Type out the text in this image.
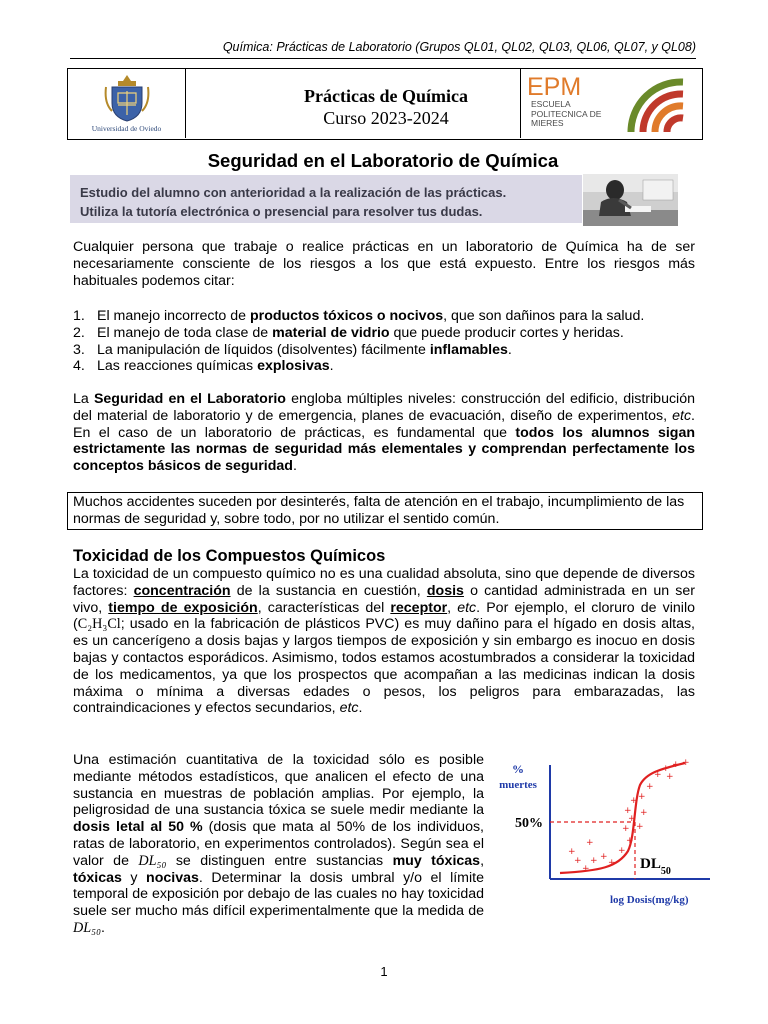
Química: Prácticas de Laboratorio (Grupos QL01, QL02, QL03, QL06, QL07, y QL08)
Universidad de Oviedo
Prácticas de Química
Curso 2023-2024
EPM
ESCUELA
POLITECNICA DE
MIERES
Seguridad en el Laboratorio de Química
Estudio del alumno con anterioridad a la realización de las prácticas.
Utiliza la tutoría electrónica o presencial para resolver tus dudas.
Cualquier persona que trabaje o realice prácticas en un laboratorio de Química ha de ser necesariamente consciente de los riesgos a los que está expuesto. Entre los riesgos más habituales podemos citar:
1. El manejo incorrecto de productos tóxicos o nocivos, que son dañinos para la salud.
2. El manejo de toda clase de material de vidrio que puede producir cortes y heridas.
3. La manipulación de líquidos (disolventes) fácilmente inflamables.
4. Las reacciones químicas explosivas.
La Seguridad en el Laboratorio engloba múltiples niveles: construcción del edificio, distribución del material de laboratorio y de emergencia, planes de evacuación, diseño de experimentos, etc. En el caso de un laboratorio de prácticas, es fundamental que todos los alumnos sigan estrictamente las normas de seguridad más elementales y comprendan perfectamente los conceptos básicos de seguridad.
Muchos accidentes suceden por desinterés, falta de atención en el trabajo, incumplimiento de las normas de seguridad y, sobre todo, por no utilizar el sentido común.
Toxicidad de los Compuestos Químicos
La toxicidad de un compuesto químico no es una cualidad absoluta, sino que depende de diversos factores: concentración de la sustancia en cuestión, dosis o cantidad administrada en un ser vivo, tiempo de exposición, características del receptor, etc. Por ejemplo, el cloruro de vinilo (C₂H₃Cl; usado en la fabricación de plásticos PVC) es muy dañino para el hígado en dosis altas, es un cancerígeno a dosis bajas y largos tiempos de exposición y sin embargo es inocuo en dosis bajas y contactos esporádicos. Asimismo, todos estamos acostumbrados a considerar la toxicidad de los medicamentos, ya que los prospectos que acompañan a las medicinas indican la dosis máxima o mínima a diversas edades o pesos, los peligros para embarazadas, las contraindicaciones y efectos secundarios, etc.
Una estimación cuantitativa de la toxicidad sólo es posible mediante métodos estadísticos, que analicen el efecto de una sustancia en muestras de población amplias. Por ejemplo, la peligrosidad de una sustancia tóxica se suele medir mediante la dosis letal al 50 % (dosis que mata al 50% de los individuos, ratas de laboratorio, en experimentos controlados). Según sea el valor de DL₅₀ se distinguen entre sustancias muy tóxicas, tóxicas y nocivas. Determinar la dosis umbral y/o el límite temporal de exposición por debajo de las cuales no hay toxicidad suele ser mucho más difícil experimentalmente que la medida de DL₅₀.
%
muertes
50%
$DL_{50}$
log Dosis(mg/kg)
+
+
+ +
+
+
+
+
+
+
+
+
+
+
+
+
+
+ + +
+
+
1
